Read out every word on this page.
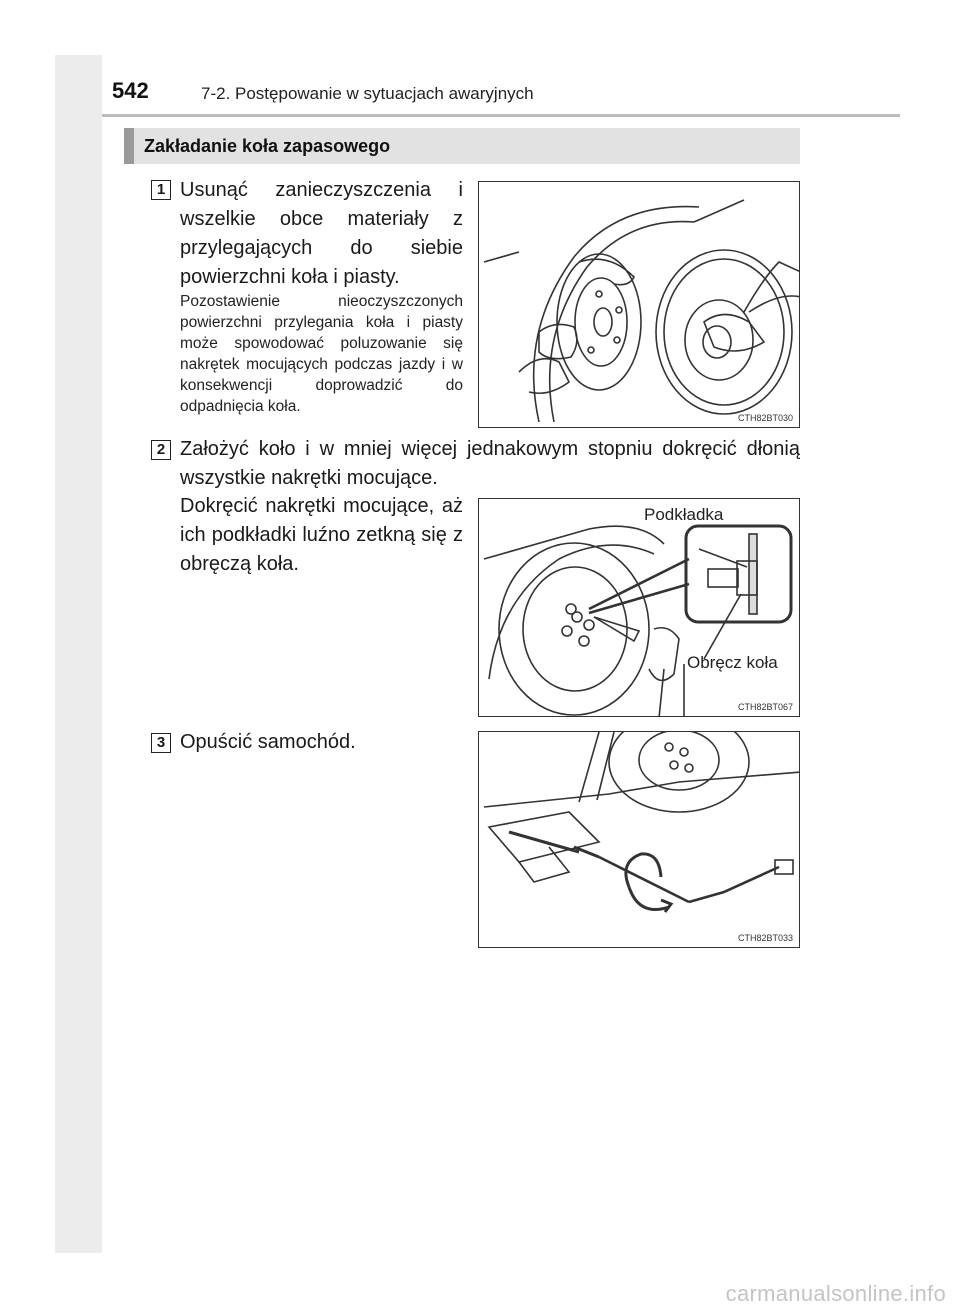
542	7-2. Postępowanie w sytuacjach awaryjnych
Zakładanie koła zapasowego
1 Usunąć zanieczyszczenia i wszelkie obce materiały z przylegających do siebie powierzchni koła i piasty.
Pozostawienie nieoczyszczonych powierzchni przylegania koła i piasty może spowodować poluzowanie się nakrętek mocujących podczas jazdy i w konsekwencji doprowadzić do odpadnięcia koła.
CTH82BT030
2 Założyć koło i w mniej więcej jednakowym stopniu dokręcić dłonią wszystkie nakrętki mocujące.
Dokręcić nakrętki mocujące, aż ich podkładki luźno zetkną się z obręczą koła.
Podkładka
Obręcz koła
CTH82BT067
3 Opuścić samochód.
CTH82BT033
carmanualsonline.info
